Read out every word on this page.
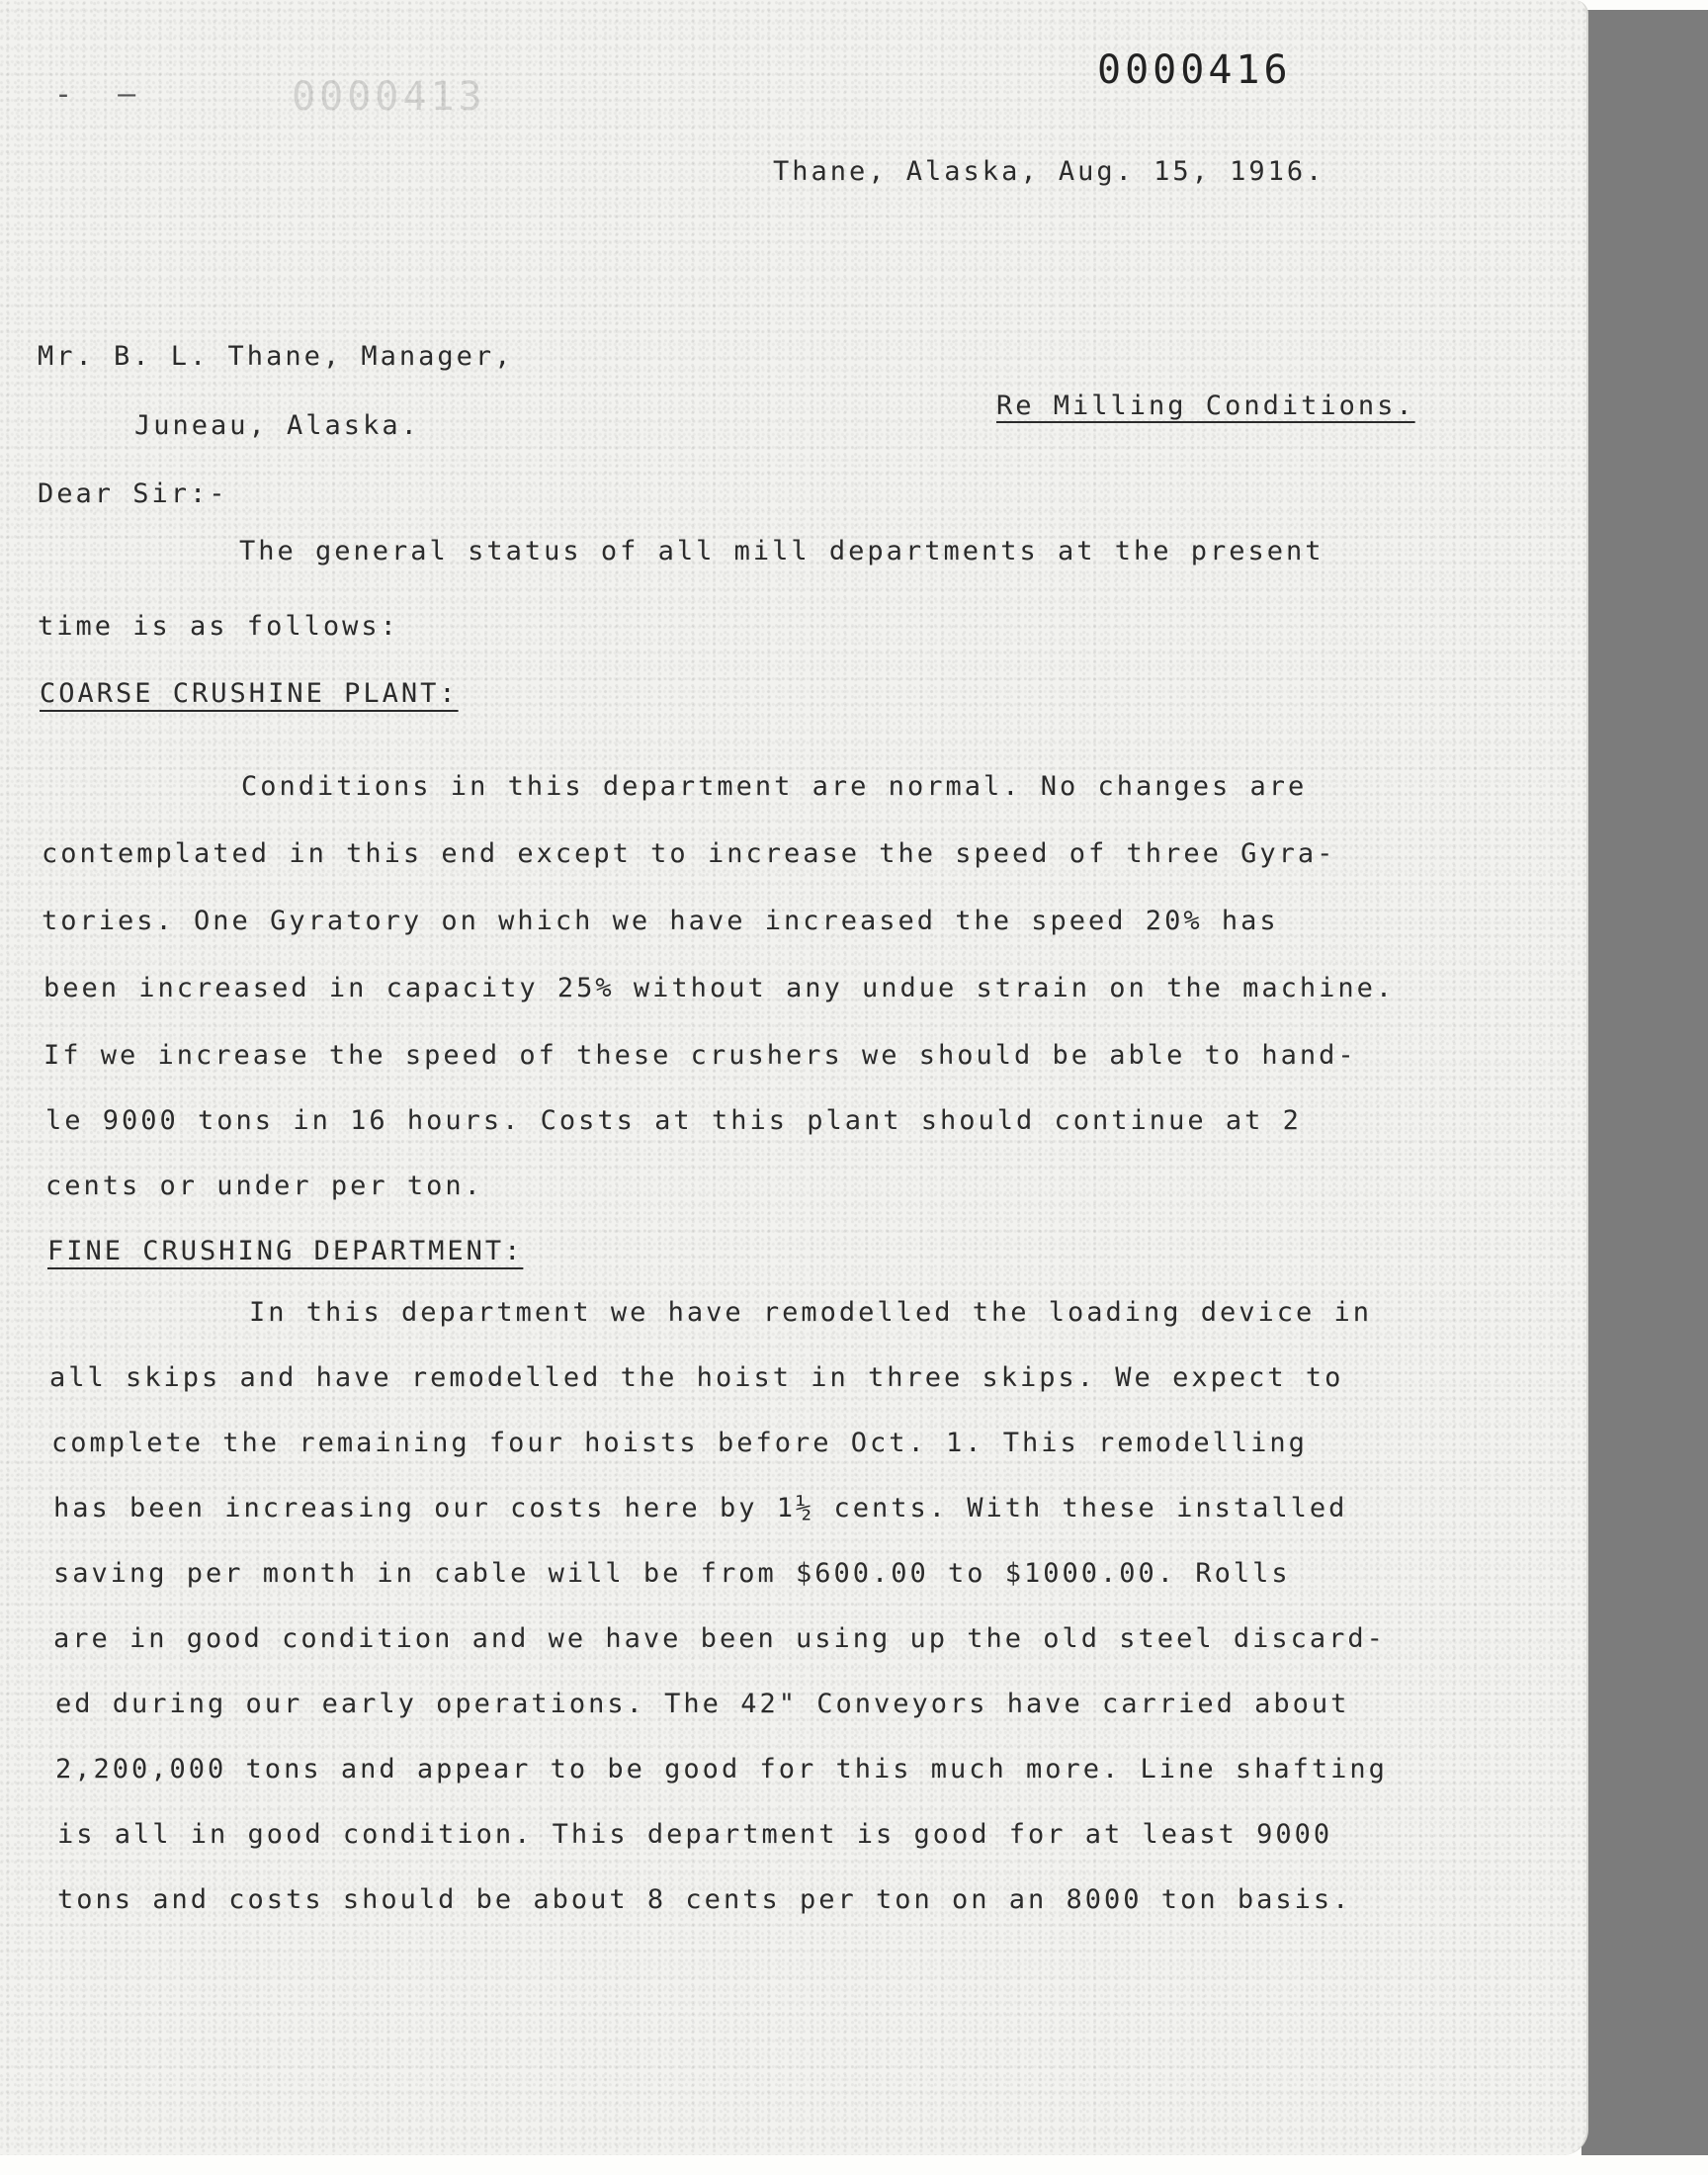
- —	0000413
0000416
Thane, Alaska, Aug. 15, 1916.
Mr. B. L. Thane, Manager,
Juneau, Alaska.
Re Milling Conditions.
Dear Sir:-
The general status of all mill departments at the present
time is as follows:
COARSE CRUSHINE PLANT:
Conditions in this department are normal. No changes are
contemplated in this end except to increase the speed of three Gyra-
tories. One Gyratory on which we have increased the speed 20% has
been increased in capacity 25% without any undue strain on the machine.
If we increase the speed of these crushers we should be able to hand-
le 9000 tons in 16 hours. Costs at this plant should continue at 2
cents or under per ton.
FINE CRUSHING DEPARTMENT:
In this department we have remodelled the loading device in
all skips and have remodelled the hoist in three skips. We expect to
complete the remaining four hoists before Oct. 1. This remodelling
has been increasing our costs here by 1½ cents. With these installed
saving per month in cable will be from $600.00 to $1000.00. Rolls
are in good condition and we have been using up the old steel discard-
ed during our early operations. The 42" Conveyors have carried about
2,200,000 tons and appear to be good for this much more. Line shafting
is all in good condition. This department is good for at least 9000
tons and costs should be about 8 cents per ton on an 8000 ton basis.
